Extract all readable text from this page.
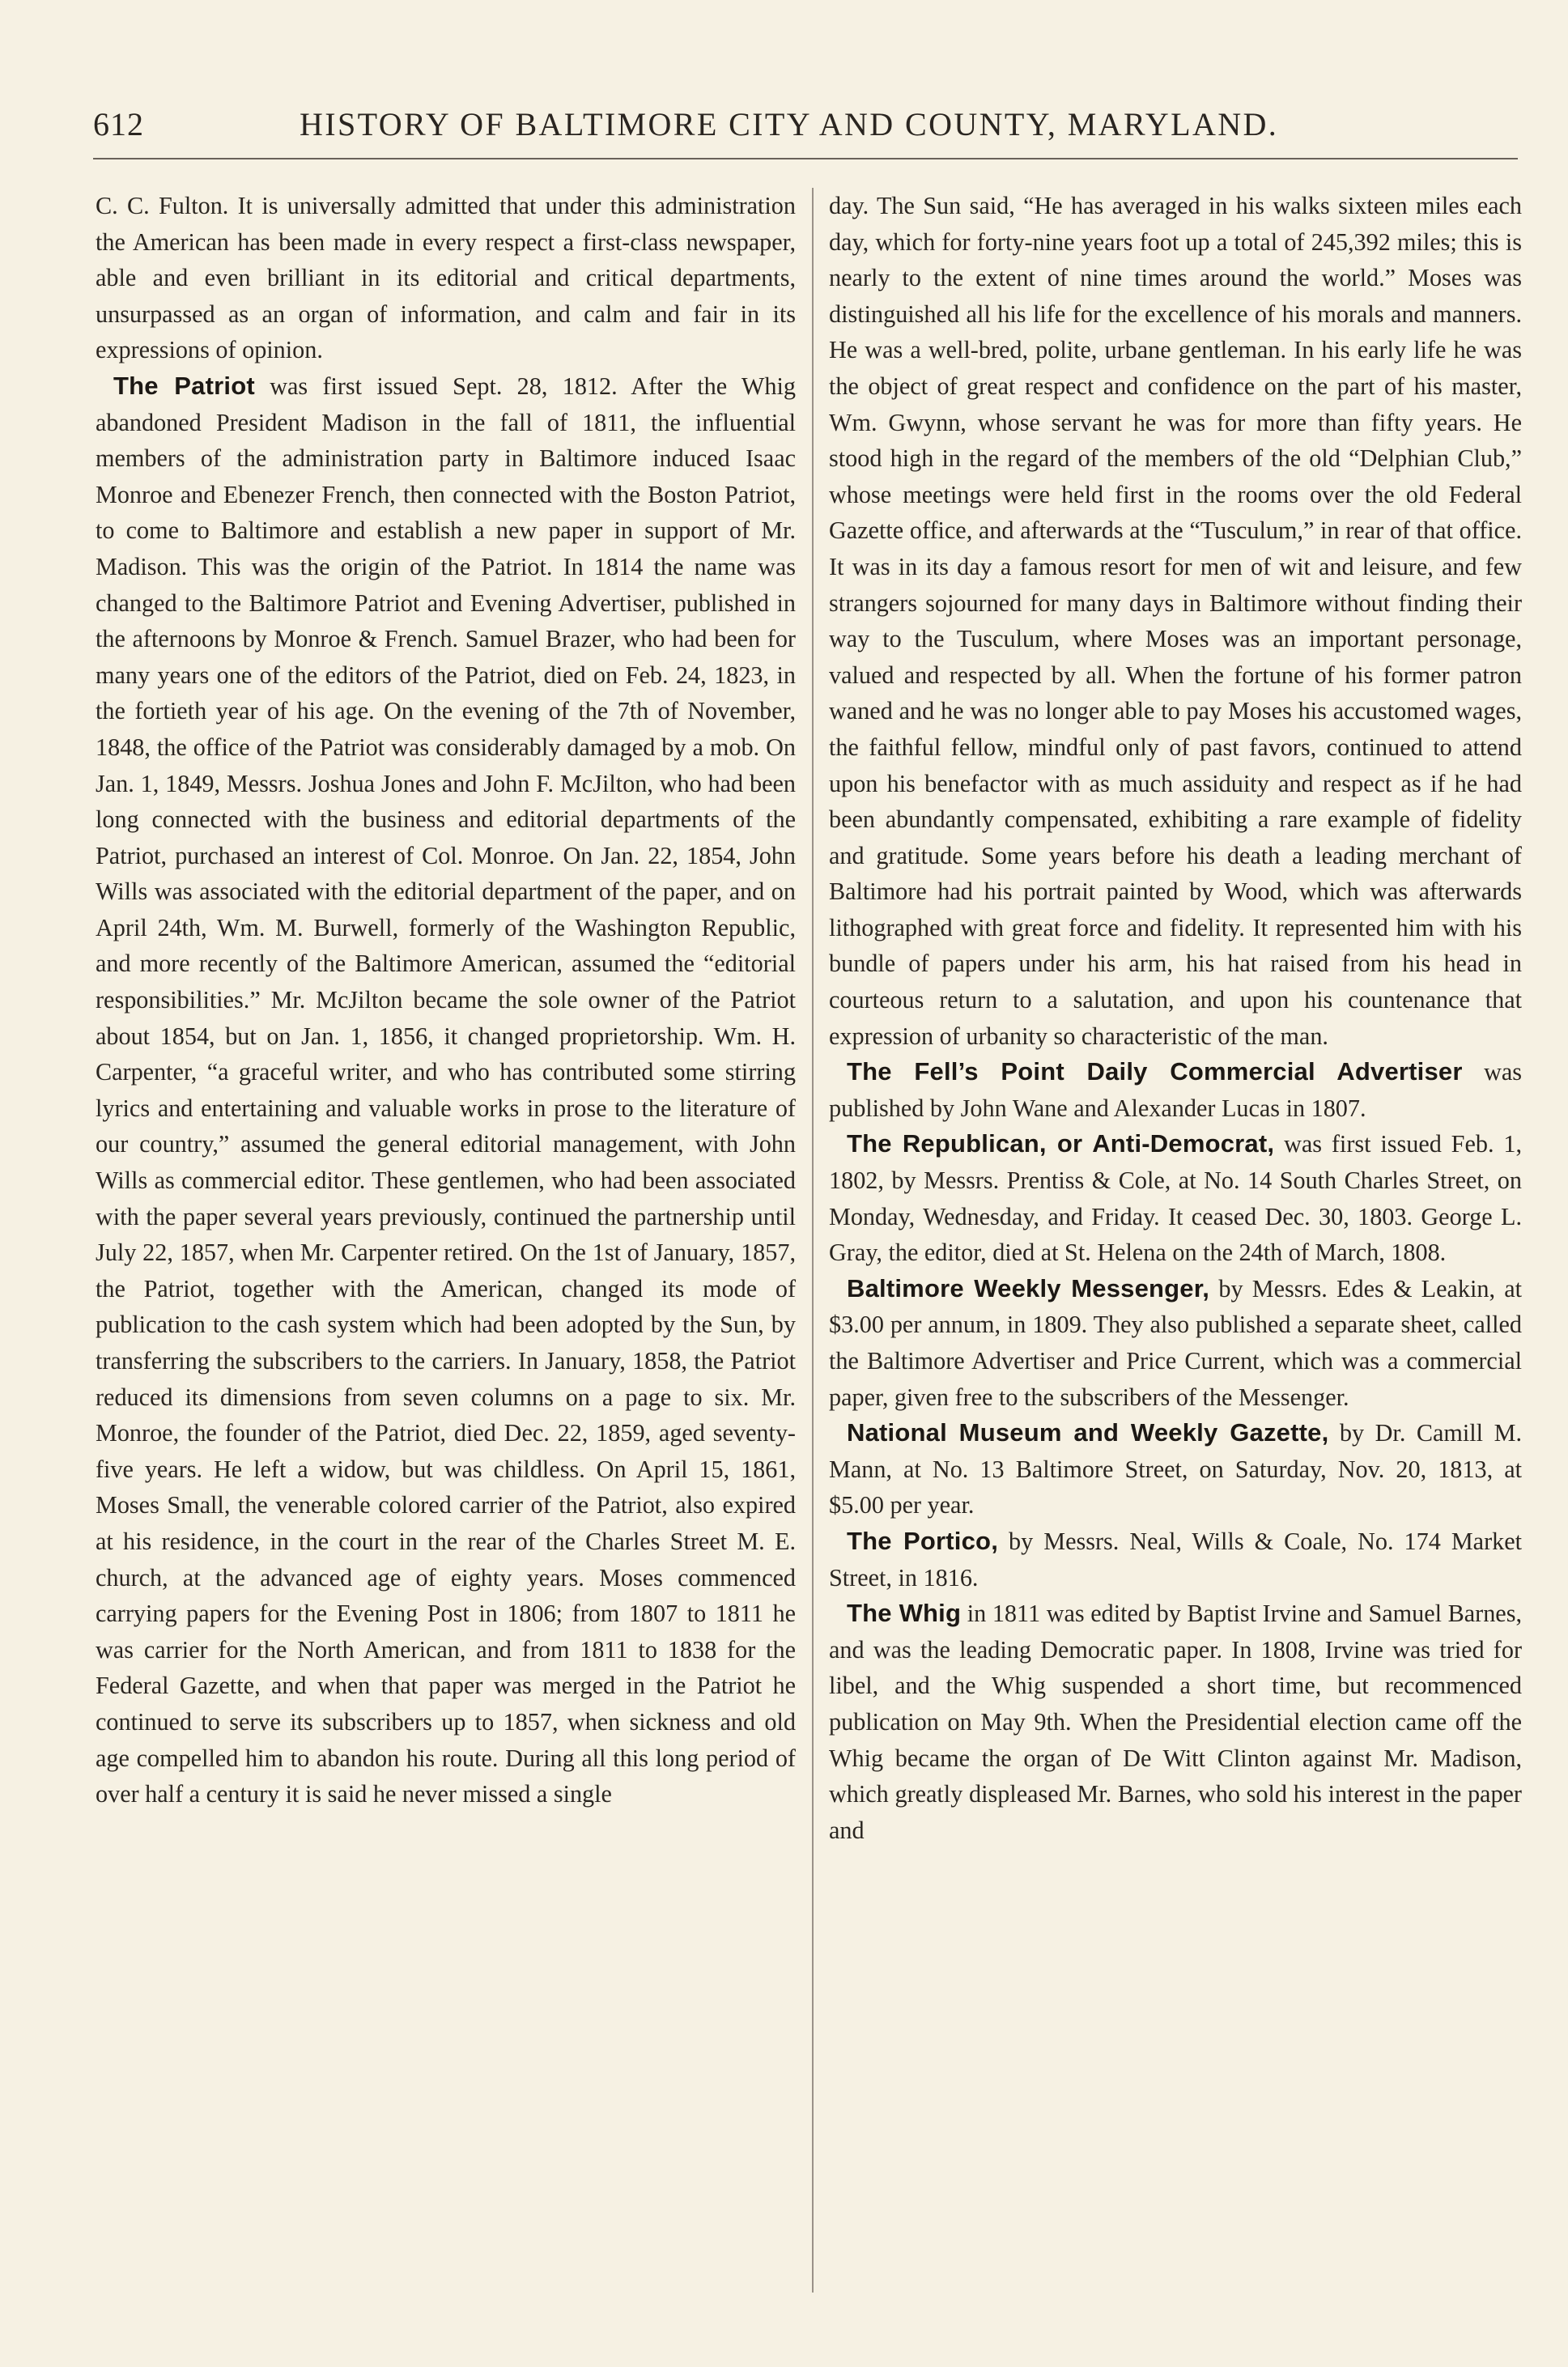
612	HISTORY OF BALTIMORE CITY AND COUNTY, MARYLAND.

C. C. Fulton. It is universally admitted that under this administration the American has been made in every respect a first-class newspaper, able and even brilliant in its editorial and critical departments, unsurpassed as an organ of information, and calm and fair in its expressions of opinion.

The Patriot was first issued Sept. 28, 1812. After the Whig abandoned President Madison in the fall of 1811, the influential members of the administration party in Baltimore induced Isaac Monroe and Ebenezer French, then connected with the Boston Patriot, to come to Baltimore and establish a new paper in support of Mr. Madison. This was the origin of the Patriot. In 1814 the name was changed to the Baltimore Patriot and Evening Advertiser, published in the afternoons by Monroe & French. Samuel Brazer, who had been for many years one of the editors of the Patriot, died on Feb. 24, 1823, in the fortieth year of his age. On the evening of the 7th of November, 1848, the office of the Patriot was considerably damaged by a mob. On Jan. 1, 1849, Messrs. Joshua Jones and John F. McJilton, who had been long connected with the business and editorial departments of the Patriot, purchased an interest of Col. Monroe. On Jan. 22, 1854, John Wills was associated with the editorial department of the paper, and on April 24th, Wm. M. Burwell, formerly of the Washington Republic, and more recently of the Baltimore American, assumed the “editorial responsibilities.” Mr. McJilton became the sole owner of the Patriot about 1854, but on Jan. 1, 1856, it changed proprietorship. Wm. H. Carpenter, “a graceful writer, and who has contributed some stirring lyrics and entertaining and valuable works in prose to the literature of our country,” assumed the general editorial management, with John Wills as commercial editor. These gentlemen, who had been associated with the paper several years previously, continued the partnership until July 22, 1857, when Mr. Carpenter retired. On the 1st of January, 1857, the Patriot, together with the American, changed its mode of publication to the cash system which had been adopted by the Sun, by transferring the subscribers to the carriers. In January, 1858, the Patriot reduced its dimensions from seven columns on a page to six. Mr. Monroe, the founder of the Patriot, died Dec. 22, 1859, aged seventy-five years. He left a widow, but was childless. On April 15, 1861, Moses Small, the venerable colored carrier of the Patriot, also expired at his residence, in the court in the rear of the Charles Street M. E. church, at the advanced age of eighty years. Moses commenced carrying papers for the Evening Post in 1806; from 1807 to 1811 he was carrier for the North American, and from 1811 to 1838 for the Federal Gazette, and when that paper was merged in the Patriot he continued to serve its subscribers up to 1857, when sickness and old age compelled him to abandon his route. During all this long period of over half a century it is said he never missed a single

day. The Sun said, “He has averaged in his walks sixteen miles each day, which for forty-nine years foot up a total of 245,392 miles; this is nearly to the extent of nine times around the world.” Moses was distinguished all his life for the excellence of his morals and manners. He was a well-bred, polite, urbane gentleman. In his early life he was the object of great respect and confidence on the part of his master, Wm. Gwynn, whose servant he was for more than fifty years. He stood high in the regard of the members of the old “Delphian Club,” whose meetings were held first in the rooms over the old Federal Gazette office, and afterwards at the “Tusculum,” in rear of that office. It was in its day a famous resort for men of wit and leisure, and few strangers sojourned for many days in Baltimore without finding their way to the Tusculum, where Moses was an important personage, valued and respected by all. When the fortune of his former patron waned and he was no longer able to pay Moses his accustomed wages, the faithful fellow, mindful only of past favors, continued to attend upon his benefactor with as much assiduity and respect as if he had been abundantly compensated, exhibiting a rare example of fidelity and gratitude. Some years before his death a leading merchant of Baltimore had his portrait painted by Wood, which was afterwards lithographed with great force and fidelity. It represented him with his bundle of papers under his arm, his hat raised from his head in courteous return to a salutation, and upon his countenance that expression of urbanity so characteristic of the man.

The Fell’s Point Daily Commercial Advertiser was published by John Wane and Alexander Lucas in 1807.

The Republican, or Anti-Democrat, was first issued Feb. 1, 1802, by Messrs. Prentiss & Cole, at No. 14 South Charles Street, on Monday, Wednesday, and Friday. It ceased Dec. 30, 1803. George L. Gray, the editor, died at St. Helena on the 24th of March, 1808.

Baltimore Weekly Messenger, by Messrs. Edes & Leakin, at $3.00 per annum, in 1809. They also published a separate sheet, called the Baltimore Advertiser and Price Current, which was a commercial paper, given free to the subscribers of the Messenger.

National Museum and Weekly Gazette, by Dr. Camill M. Mann, at No. 13 Baltimore Street, on Saturday, Nov. 20, 1813, at $5.00 per year.

The Portico, by Messrs. Neal, Wills & Coale, No. 174 Market Street, in 1816.

The Whig in 1811 was edited by Baptist Irvine and Samuel Barnes, and was the leading Democratic paper. In 1808, Irvine was tried for libel, and the Whig suspended a short time, but recommenced publication on May 9th. When the Presidential election came off the Whig became the organ of De Witt Clinton against Mr. Madison, which greatly displeased Mr. Barnes, who sold his interest in the paper and
